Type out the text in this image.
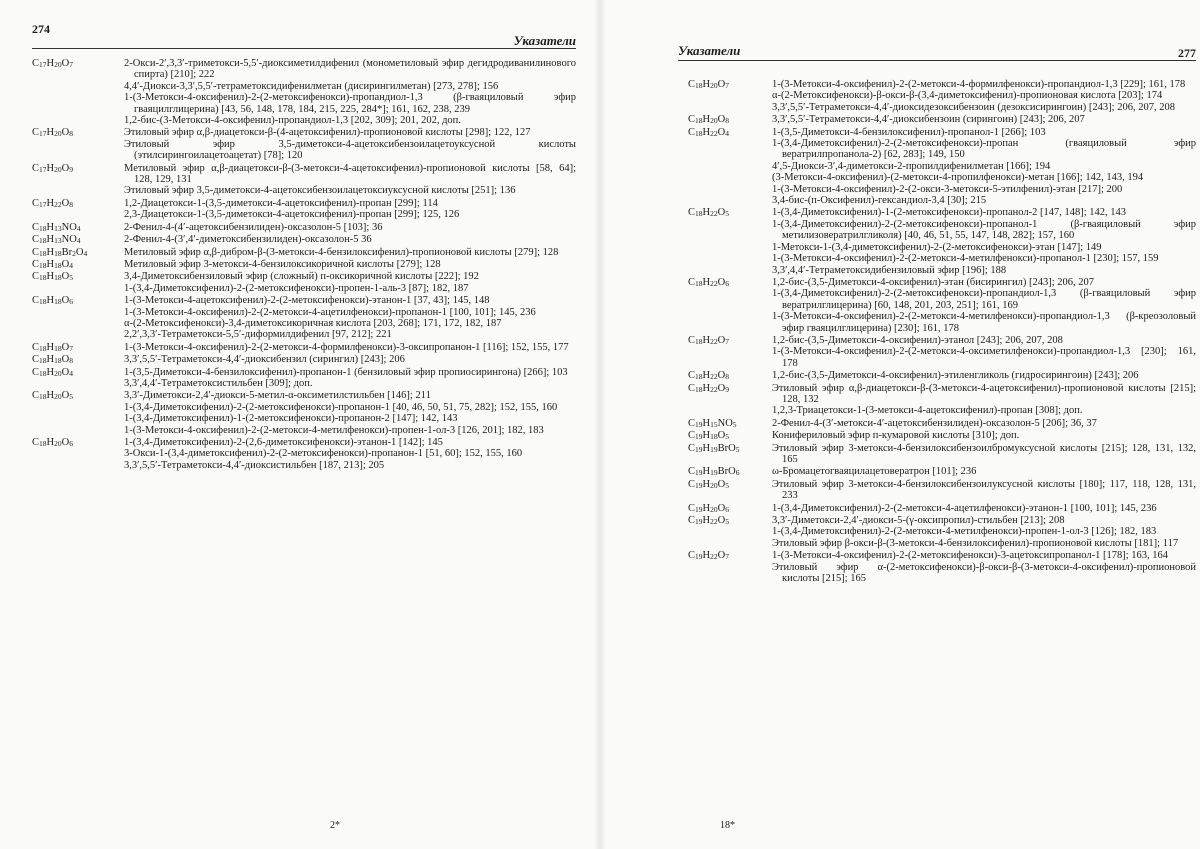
274
Указатели
$C_{17}H_{20}O_7$	2-Окси-2′,3,3′-триметокси-5,5′-диоксиметилдифенил (монометиловый эфир дегидродиванилинового спирта) [210]; 222
4,4′-Диокси-3,3′,5,5′-тетраметоксидифенилметан (дисирингилметан) [273, 278]; 156
1-(3-Метокси-4-оксифенил)-2-(2-метоксифенокси)-пропандиол-1,3 (β-гваяциловый эфир гваяцилглицерина) [43, 56, 148, 178, 184, 215, 225, 284*]; 161, 162, 238, 239
1,2-бис-(3-Метокси-4-оксифенил)-пропандиол-1,3 [202, 309]; 201, 202, доп.
$C_{17}H_{20}O_8$	Этиловый эфир α,β-диацетокси-β-(4-ацетоксифенил)-пропионовой кислоты [298]; 122, 127
Этиловый эфир 3,5-диметокси-4-ацетоксибензоилацетоуксусной кислоты (этилсирингоилацетоацетат) [78]; 120
$C_{17}H_{20}O_9$	Метиловый эфир α,β-диацетокси-β-(3-метокси-4-ацетоксифенил)-пропионовой кислоты [58, 64]; 128, 129, 131
Этиловый эфир 3,5-диметокси-4-ацетоксибензоилацетоксиуксусной кислоты [251]; 136
$C_{17}H_{22}O_8$	1,2-Диацетокси-1-(3,5-диметокси-4-ацетоксифенил)-пропан [299]; 114
2,3-Диацетокси-1-(3,5-диметокси-4-ацетоксифенил)-пропан [299]; 125, 126
$C_{18}H_{13}NO_4$	2-Фенил-4-(4′-ацетоксибензилиден)-оксазолон-5 [103]; 36
$C_{18}H_{13}NO_4$	2-Фенил-4-(3′,4′-диметоксибензилиден)-оксазолон-5 36
$C_{18}H_{18}Br_2O_4$	Метиловый эфир α,β-дибром-β-(3-метокси-4-бензилоксифенил)-пропионовой кислоты [279]; 128
$C_{18}H_{18}O_4$	Метиловый эфир 3-метокси-4-бензилоксикоричной кислоты [279]; 128
$C_{18}H_{18}O_5$	3,4-Диметоксибензиловый эфир (сложный) п-оксикоричной кислоты [222]; 192
1-(3,4-Диметоксифенил)-2-(2-метоксифенокси)-пропен-1-аль-3 [87]; 182, 187
$C_{18}H_{18}O_6$	1-(3-Метокси-4-ацетоксифенил)-2-(2-метоксифенокси)-этанон-1 [37, 43]; 145, 148
1-(3-Метокси-4-оксифенил)-2-(2-метокси-4-ацетилфенокси)-пропанон-1 [100, 101]; 145, 236
α-(2-Метоксифенокси)-3,4-диметоксикоричная кислота [203, 268]; 171, 172, 182, 187
2,2′,3,3′-Тетраметокси-5,5′-диформилдифенил [97, 212]; 221
$C_{18}H_{18}O_7$	1-(3-Метокси-4-оксифенил)-2-(2-метокси-4-формилфенокси)-3-оксипропанон-1 [116]; 152, 155, 177
$C_{18}H_{18}O_8$	3,3′,5,5′-Тетраметокси-4,4′-диоксибензил (сирингил) [243]; 206
$C_{18}H_{20}O_4$	1-(3,5-Диметокси-4-бензилоксифенил)-пропанон-1 (бензиловый эфир пропиосирингона) [266]; 103
3,3′,4,4′-Тетраметоксистильбен [309]; доп.
$C_{18}H_{20}O_5$	3,3′-Диметокси-2,4′-диокси-5-метил-α-оксиметилстильбен [146]; 211
1-(3,4-Диметоксифенил)-2-(2-метоксифенокси)-пропанон-1 [40, 46, 50, 51, 75, 282]; 152, 155, 160
1-(3,4-Диметоксифенил)-1-(2-метоксифенокси)-пропанон-2 [147]; 142, 143
1-(3-Метокси-4-оксифенил)-2-(2-метокси-4-метилфенокси)-пропен-1-ол-3 [126, 201]; 182, 183
$C_{18}H_{20}O_6$	1-(3,4-Диметоксифенил)-2-(2,6-диметоксифенокси)-этанон-1 [142]; 145
3-Окси-1-(3,4-диметоксифенил)-2-(2-метоксифенокси)-пропанон-1 [51, 60]; 152, 155, 160
3,3′,5,5′-Тетраметокси-4,4′-диоксистильбен [187, 213]; 205
2*
Указатели	277
$C_{18}H_{20}O_7$	1-(3-Метокси-4-оксифенил)-2-(2-метокси-4-формилфенокси)-пропандиол-1,3 [229]; 161, 178
α-(2-Метоксифенокси)-β-окси-β-(3,4-диметоксифенил)-пропионовая кислота [203]; 174
3,3′,5,5′-Тетраметокси-4,4′-диоксидезоксибензоин (дезоксисирингоин) [243]; 206, 207, 208
$C_{18}H_{20}O_8$	3,3′,5,5′-Тетраметокси-4,4′-диоксибензоин (сирингоин) [243]; 206, 207
$C_{18}H_{22}O_4$	1-(3,5-Диметокси-4-бензилоксифенил)-пропанол-1 [266]; 103
1-(3,4-Диметоксифенил)-2-(2-метоксифенокси)-пропан (гваяциловый эфир вератрилпропанола-2) [62, 283]; 149, 150
4′,5-Диокси-3′,4-диметокси-2-пропилдифенилметан [166]; 194
(3-Метокси-4-оксифенил)-(2-метокси-4-пропилфенокси)-метан [166]; 142, 143, 194
1-(3-Метокси-4-оксифенил)-2-(2-окси-3-метокси-5-этилфенил)-этан [217]; 200
3,4-бис-(п-Оксифенил)-гександиол-3,4 [30]; 215
$C_{18}H_{22}O_5$	1-(3,4-Диметоксифенил)-1-(2-метоксифенокси)-пропанол-2 [147, 148]; 142, 143
1-(3,4-Диметоксифенил)-2-(2-метоксифенокси)-пропанол-1 (β-гваяциловый эфир метилизовератрилгликоля) [40, 46, 51, 55, 147, 148, 282]; 157, 160
1-Метокси-1-(3,4-диметоксифенил)-2-(2-метоксифенокси)-этан [147]; 149
1-(3-Метокси-4-оксифенил)-2-(2-метокси-4-метилфенокси)-пропанол-1 [230]; 157, 159
3,3′,4,4′-Тетраметоксидибензиловый эфир [196]; 188
$C_{18}H_{22}O_6$	1,2-бис-(3,5-Диметокси-4-оксифенил)-этан (бисирингил) [243]; 206, 207
1-(3,4-Диметоксифенил)-2-(2-метоксифенокси)-пропандиол-1,3 (β-гваяциловый эфир вератрилглицерина) [60, 148, 201, 203, 251]; 161, 169
1-(3-Метокси-4-оксифенил)-2-(2-метокси-4-метилфенокси)-пропандиол-1,3 (β-креозоловый эфир гваяцилглицерина) [230]; 161, 178
$C_{18}H_{22}O_7$	1,2-бис-(3,5-Диметокси-4-оксифенил)-этанол [243]; 206, 207, 208
1-(3-Метокси-4-оксифенил)-2-(2-метокси-4-оксиметилфенокси)-пропандиол-1,3 [230]; 161, 178
$C_{18}H_{22}O_8$	1,2-бис-(3,5-Диметокси-4-оксифенил)-этиленгликоль (гидросирингоин) [243]; 206
$C_{18}H_{22}O_9$	Этиловый эфир α,β-диацетокси-β-(3-метокси-4-ацетоксифенил)-пропионовой кислоты [215]; 128, 132
1,2,3-Триацетокси-1-(3-метокси-4-ацетоксифенил)-пропан [308]; доп.
$C_{19}H_{15}NO_5$	2-Фенил-4-(3′-метокси-4′-ацетоксибензилиден)-оксазолон-5 [206]; 36, 37
$C_{19}H_{18}O_5$	Конифериловый эфир п-кумаровой кислоты [310]; доп.
$C_{19}H_{19}BrO_5$	Этиловый эфир 3-метокси-4-бензилоксибензоилбромуксусной кислоты [215]; 128, 131, 132, 165
$C_{19}H_{19}BrO_6$	ω-Бромацетогваяцилацетовератрон [101]; 236
$C_{19}H_{20}O_5$	Этиловый эфир 3-метокси-4-бензилоксибензоилуксусной кислоты [180]; 117, 118, 128, 131, 233
$C_{19}H_{20}O_6$	1-(3,4-Диметоксифенил)-2-(2-метокси-4-ацетилфенокси)-этанон-1 [100, 101]; 145, 236
$C_{19}H_{22}O_5$	3,3′-Диметокси-2,4′-диокси-5-(γ-оксипропил)-стильбен [213]; 208
1-(3,4-Диметоксифенил)-2-(2-метокси-4-метилфенокси)-пропен-1-ол-3 [126]; 182, 183
Этиловый эфир β-окси-β-(3-метокси-4-бензилоксифенил)-пропионовой кислоты [181]; 117
$C_{19}H_{22}O_7$	1-(3-Метокси-4-оксифенил)-2-(2-метоксифенокси)-3-ацетоксипропанол-1 [178]; 163, 164
Этиловый эфир α-(2-метоксифенокси)-β-окси-β-(3-метокси-4-оксифенил)-пропионовой кислоты [215]; 165
18*
